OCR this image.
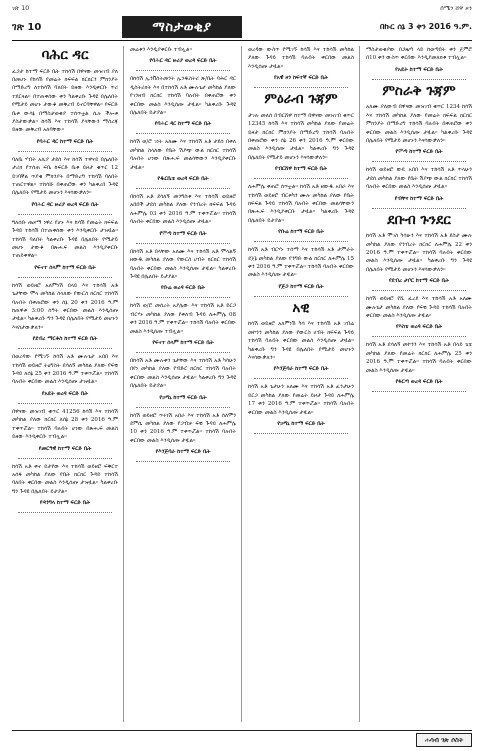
ገጽ 10	ሰሜን ሸዋ ዞን
ገጽ 10	ማስታወቂያ	በኩር ሰኔ 3 ቀን 2016 ዓ.ም.
ባሕር ዳር

ፈጋታ ከተማ ፍርድ ቤት ተከሳሽ በዋናው መዝገብ ያለ በመሆኑ የከሳሽ የመሬት ክፍፍል ክርክርን ምክንያት በማድረግ ለተከሳሽ ባለበት ይዘው እንዲቀርቡ ጥሪ ተደርጓል። በተጠቀሰው ቀን ካልቀረቡ ጉዳዩ በሌለበት የሚታይ መሆኑ ታውቆ መቅረብ ይኖርባቸዋል። የፍርድ ቤቱ ውሳኔ በማስታወቂያ ተሰጥቷል ሲሉ ችሎቱ ያስታውቃል። ከሳሽ እና ተከሳሽ ያላቸውን ማስረጃ ይዘው መቅረብ አለባቸው።

የባሕር ዳር ከተማ ፍርድ ቤት

ባለቤ ሃብት አሊያ ታደሰ እና ከሳሽ ተዋናይ በሌለበት ታሪክ የተሰጠ ፍቤ ከፍርድ ቤቱ ይዞታ ቁጥር 12 ይገባኛል ጥያቄ ምክንያት በማድረግ ተከሳሽ ባለበት ተጠርተዋል። ተከሳሹ በቀጠሮው ቀን ካልቀረበ ጉዳዩ በሌለበት የሚታይ መሆኑን እናሳውቃለን።

የባሕር ዳር ዙሪያ ወረዳ ፍርድ ቤት

ግለሰቡ ጤናማ ነዋሪ የሆኑ እና ከሳሽ የመሬት ክፍፍል ጉዳይ ተከሳሽ በተጠቀሰው ቀን እንዲቀርቡ ታዝዟል። ተከሳሽ ባለበት ካልቀረቡ ጉዳዩ በሌለበት የሚታይ መሆኑ ታውቆ በጽሑፍ መልስ እንዲያቀርቡ ተጠይቀዋል።

የፍኖተ ሰላም ከተማ ፍርድ ቤት

ከሳሽ ወይዘሮ አለምነሽ በላይ እና ተከሳሽ አቶ ጌታቸው ሞላ መካከል ስላለው የውርስ ክርክር ተከሳሽ ባሉበት በቀጠሮው ቀን ሰኔ 20 ቀን 2016 ዓ.ም ከጠዋቱ 3:00 ሰዓት ቀርበው መልስ እንዲሰጡ ታዟል። ካልቀረቡ ግን ጉዳዩ በሌለበት የሚታይ መሆኑን እናስታውቃለን።

የደብረ ማርቆስ ከተማ ፍርድ ቤት

በወረዳው የሚገኙ ከሳሽ አቶ ሙሉጌታ አበበ እና ተከሳሽ ወይዘሮ ትዕግስት ደሳለኝ መካከል ያለው የፍቺ ጉዳይ ለሰኔ 25 ቀን 2016 ዓ.ም ተቀጥሯል። ተከሳሽ ባሉበት ቀርበው መልስ እንዲሰጡ ታዝዟል።

የአዴት ወረዳ ፍርድ ቤት

በዋናው መዝገብ ቁጥር 41256 ከሳሽ እና ተከሳሽ መካከል ያለው ክርክር ለሰኔ 28 ቀን 2016 ዓ.ም ተቀጥሯል። ተከሳሽ ባሉበት ሆነው በጽሑፍ መልስ ይዘው እንዲቀርቡ ተብሏል።

የመርዓዊ ከተማ ፍርድ ቤት

ከሳሽ አቶ ቀኖ ይታየው እና ተከሳሽ ወይዘሮ ፍቅርተ አሰፋ መካከል ያለው የቤት ክርክር ጉዳይ ተከሳሽ ባለበት ቀርበው መልስ እንዲሰጡ ታዝዟል። ካልቀረቡ ግን ጉዳዩ በሌለበት ይታያል።

የዳንግላ ከተማ ፍርድ ቤት

መሬቱን እንዲያቀርቡ ተብሏል።

የባሕር ዳር ዙሪያ ወረዳ ፍርድ ቤት

በከሳሽ ኢንቨስትመንት ኢንዱስትሪ ጽ/ቤት ባሕር ዳር ዲስትሪክት እና በተከሳሽ አቶ ሙሉጌታ መካከል ያለው የገንዘብ ክርክር ተከሳሽ ባሉበት በቀጠሮው ቀን ቀርበው መልስ እንዲሰጡ ታዟል። ካልቀረቡ ጉዳዩ በሌለበት ይታያል።

የባሕር ዳር ከተማ ፍርድ ቤት

ከሳሽ ወ/ሮ ገነት አለሙ እና ተከሳሽ አቶ ታደሰ በቀለ መካከል ስላለው የቤት ሽያጭ ውል ክርክር ተከሳሽ ባሉበት ሆነው በጽሑፍ መልሳቸውን እንዲያቀርቡ ታዟል።

የዱርቤቴ ወረዳ ፍርድ ቤት

በከሳሽ አቶ ደሳለኝ መንግስቱ እና ተከሳሽ ወይዘሮ አበበች ታደሰ መካከል ያለው የንብረት ክፍፍል ጉዳይ ለሐምሌ 03 ቀን 2016 ዓ.ም ተቀጥሯል። ተከሳሽ ባሉበት ቀርበው መልስ እንዲሰጡ ታዟል።

የሞጣ ከተማ ፍርድ ቤት

በከሳሽ አቶ በላቸው አለሙ እና ተከሳሽ አቶ ሞላልኝ ዘውዱ መካከል ያለው የውርስ ሀብት ክርክር ተከሳሽ ባሉበት ቀርበው መልስ እንዲሰጡ ታዟል። ካልቀረቡ ጉዳዩ በሌለበት ይታያል።

የቡሬ ወረዳ ፍርድ ቤት

ከሳሽ ወ/ሮ መሰረት አያሌው እና ተከሳሽ አቶ ይርጋ ብርሃኑ መካከል ያለው የቀለብ ጉዳይ ለሐምሌ 08 ቀን 2016 ዓ.ም ተቀጥሯል። ተከሳሽ ባሉበት ቀርበው መልስ እንዲሰጡ ተብሏል።

የፍኖተ ሰላም ከተማ ፍርድ ቤት

በከሳሽ አቶ ሙሉቀን ጌታቸው እና ተከሳሽ አቶ ካሳሁን በየነ መካከል ያለው የብድር ክርክር ተከሳሽ ባሉበት ቀርበው መልስ እንዲሰጡ ታዟል። ካልቀረቡ ግን ጉዳዩ በሌለበት ይታያል።

የቻግኒ ከተማ ፍርድ ቤት

ከሳሽ ወይዘሮ ጥሩነሽ አበራ እና ተከሳሽ አቶ ሰለሞን ደምሴ መካከል ያለው የጋብቻ ፍቺ ጉዳይ ለሐምሌ 10 ቀን 2016 ዓ.ም ተቀጥሯል። ተከሳሽ ባሉበት ቀርበው መልስ እንዲሰጡ ታዟል።

የእንጅባራ ከተማ ፍርድ ቤት

ወረዳው ውስጥ የሚገኙ ከሳሽ እና ተከሳሽ መካከል ያለው ጉዳይ ተከሳሽ ባሉበት ቀርበው መልስ እንዲሰጡ ታዟል።

የአዊ ዞን ከፍተኛ ፍርድ ቤት
ምዕራብ ጉጃም

ታገሉ መለሰ በብርሸዋ ከተማ በዋናው መዝገብ ቁጥር 12345 ከሳሽ እና ተከሳሽ መካከል ያለው የመሬት ይዞታ ክርክር ምክንያት በማድረግ ተከሳሽ ባሉበት በቀጠሮው ቀን ሰኔ 26 ቀን 2016 ዓ.ም ቀርበው መልስ እንዲሰጡ ታዟል። ካልቀረቡ ግን ጉዳዩ በሌለበት የሚታይ መሆኑን እናሳውቃለን።

የብርሸዋ ከተማ ፍርድ ቤት

ለሐምሌ ቀጠሮ ሰጥቷል። ከሳሽ አቶ ዘውዱ አበራ እና ተከሳሽ ወይዘሮ ብርቱካን ሙሉ መካከል ያለው የቤት ክፍፍል ጉዳይ ተከሳሽ ባሉበት ቀርበው መልሳቸውን በጽሑፍ እንዲያቀርቡ ታዟል። ካልቀረቡ ጉዳዩ በሌለበት ይታያል።

የቡሬ ከተማ ፍርድ ቤት

ከሳሽ አቶ ብርሃኑ ተሰማ እና ተከሳሽ አቶ ታምራት ደጀኔ መካከል ያለው የንግድ ውል ክርክር ለሐምሌ 15 ቀን 2016 ዓ.ም ተቀጥሯል። ተከሳሽ ባሉበት ቀርበው መልስ እንዲሰጡ ታዟል።

የጅጋ ከተማ ፍርድ ቤት
አዊ

ከሳሽ ወይዘሮ አለምነሽ ካሳ እና ተከሳሽ አቶ ገብሬ መኮንን መካከል ያለው የውርስ ሀብት ክፍፍል ጉዳይ ተከሳሽ ባሉበት ቀርበው መልስ እንዲሰጡ ታዟል። ካልቀረቡ ግን ጉዳዩ በሌለበት የሚታይ መሆኑን እናሳውቃለን።

የእንጅባራ ከተማ ፍርድ ቤት

ከሳሽ አቶ ጌታሁን አለሙ እና ተከሳሽ አቶ ፈንታሁን ይርጋ መካከል ያለው የመሬት ይዞታ ጉዳይ ለሐምሌ 17 ቀን 2016 ዓ.ም ተቀጥሯል። ተከሳሽ ባሉበት ቀርበው መልስ እንዲሰጡ ታዟል።

የቻግኒ ከተማ ፍርድ ቤት

ማስታወቂያው በጋዜጣ ላይ ከወጣበት ቀን ጀምሮ በ10 ቀን ውስጥ ቀርበው እንዲያመለክቱ ተብሏል።

የአዴት ከተማ ፍርድ ቤት
ምስራቅ ጉጃም

አለሙ ያለውብ በዋናው መዝገብ ቁጥር 1234 ከሳሽ እና ተከሳሽ መካከል ያለው የመሬት ክፍፍል ክርክር ምክንያት በማድረግ ተከሳሽ ባሉበት በቀጠሮው ቀን ቀርበው መልስ እንዲሰጡ ታዟል። ካልቀረቡ ጉዳዩ በሌለበት የሚታይ መሆኑን እናሳውቃለን።

የሞጣ ከተማ ፍርድ ቤት

ከሳሽ ወይዘሮ ውዴ አበበ እና ተከሳሽ አቶ ጥላሁን ታደሰ መካከል ያለው የቤት ሽያጭ ውል ክርክር ተከሳሽ ባሉበት ቀርበው መልስ እንዲሰጡ ታዟል።

የብቸና ከተማ ፍርድ ቤት
ደቡብ ጉንደር

ከሳሽ አቶ ሞገስ ካሳሁን እና ተከሳሽ አቶ ደስታ ሙሉ መካከል ያለው የንብረት ክርክር ለሐምሌ 22 ቀን 2016 ዓ.ም ተቀጥሯል። ተከሳሽ ባሉበት ቀርበው መልስ እንዲሰጡ ታዟል። ካልቀረቡ ግን ጉዳዩ በሌለበት የሚታይ መሆኑን እናሳውቃለን።

የደብረ ታቦር ከተማ ፍርድ ቤት

ከሳሽ ወይዘሮ የሺ ፈረደ እና ተከሳሽ አቶ አለሙ ሙሉጌታ መካከል ያለው የፍቺ ጉዳይ ተከሳሽ ባሉበት ቀርበው መልስ እንዲሰጡ ታዟል።

የእስቴ ወረዳ ፍርድ ቤት

ከሳሽ አቶ ደሳለኝ መኮንን እና ተከሳሽ አቶ በላይ ጌቴ መካከል ያለው የመሬት ክርክር ለሐምሌ 25 ቀን 2016 ዓ.ም ተቀጥሯል። ተከሳሽ ባሉበት ቀርበው መልስ እንዲሰጡ ታዟል።

የፋርጣ ወረዳ ፍርድ ቤት
ሐሳብ ገጽ ሶስት
